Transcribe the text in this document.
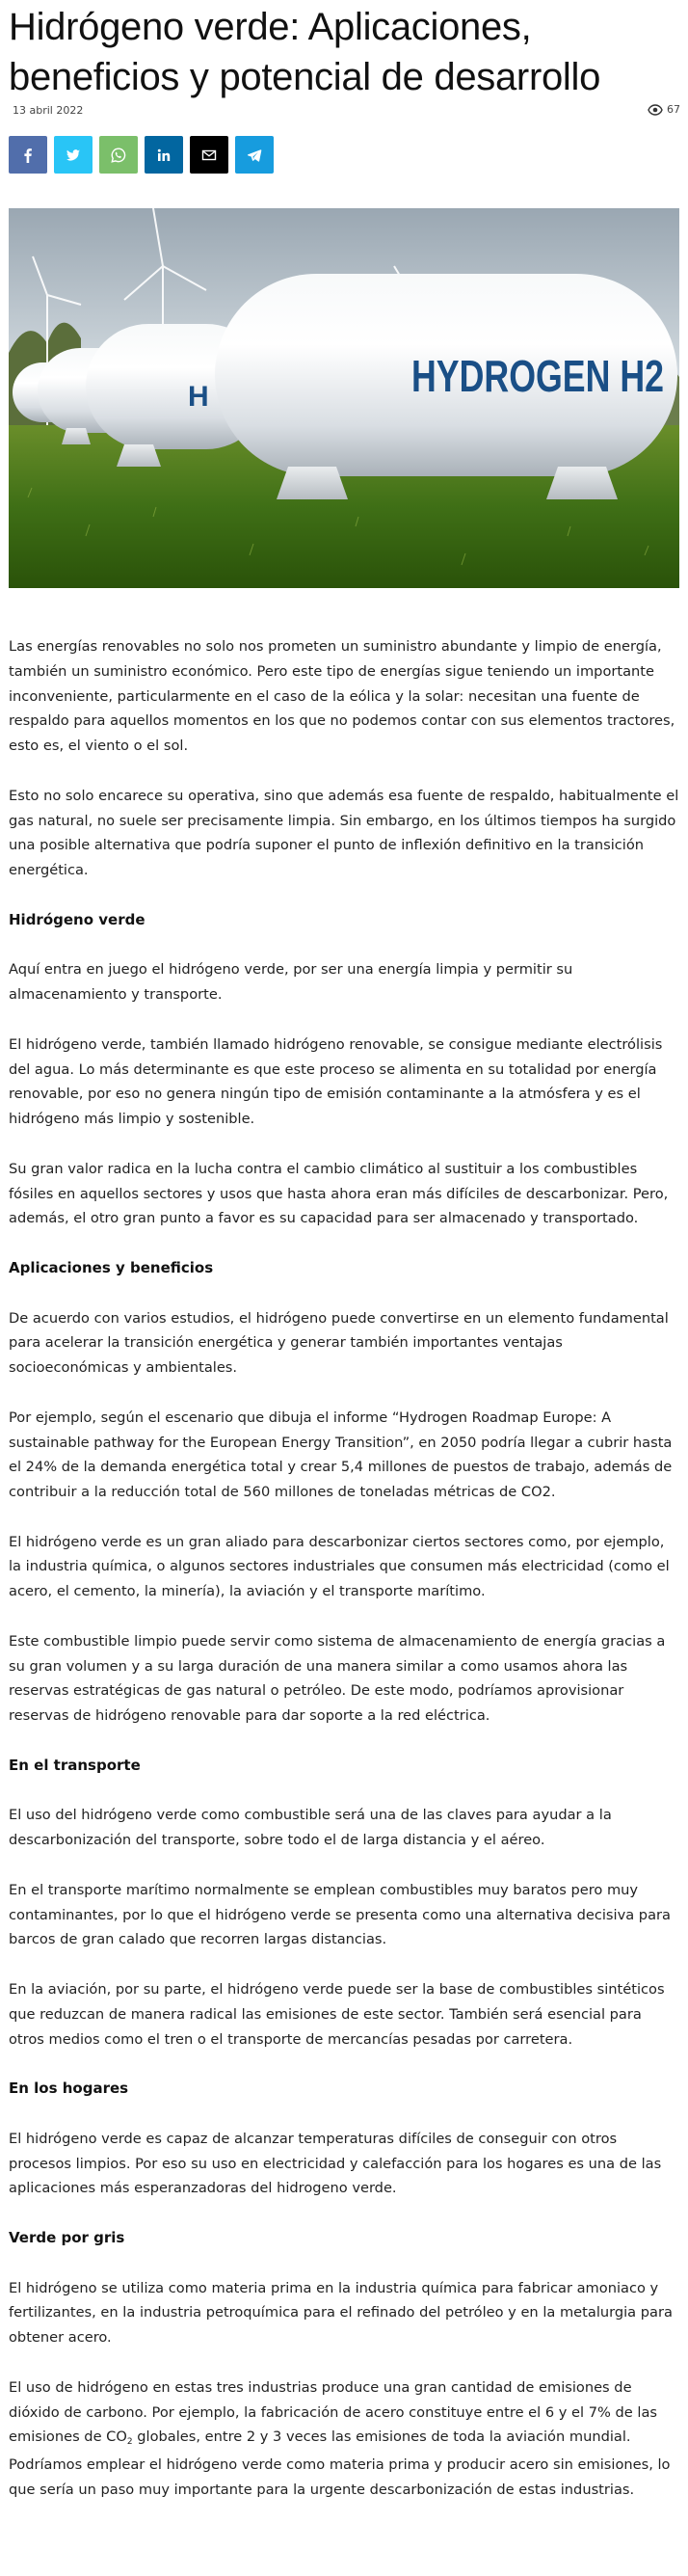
Hidrógeno verde: Aplicaciones, beneficios y potencial de desarrollo
13 abril 2022	67
H	HYDROGEN H2

Las energías renovables no solo nos prometen un suministro abundante y limpio de energía, también un suministro económico. Pero este tipo de energías sigue teniendo un importante inconveniente, particularmente en el caso de la eólica y la solar: necesitan una fuente de respaldo para aquellos momentos en los que no podemos contar con sus elementos tractores, esto es, el viento o el sol.

Esto no solo encarece su operativa, sino que además esa fuente de respaldo, habitualmente el gas natural, no suele ser precisamente limpia. Sin embargo, en los últimos tiempos ha surgido una posible alternativa que podría suponer el punto de inflexión definitivo en la transición energética.

Hidrógeno verde

Aquí entra en juego el hidrógeno verde, por ser una energía limpia y permitir su almacenamiento y transporte.

El hidrógeno verde, también llamado hidrógeno renovable, se consigue mediante electrólisis del agua. Lo más determinante es que este proceso se alimenta en su totalidad por energía renovable, por eso no genera ningún tipo de emisión contaminante a la atmósfera y es el hidrógeno más limpio y sostenible.

Su gran valor radica en la lucha contra el cambio climático al sustituir a los combustibles fósiles en aquellos sectores y usos que hasta ahora eran más difíciles de descarbonizar. Pero, además, el otro gran punto a favor es su capacidad para ser almacenado y transportado.

Aplicaciones y beneficios

De acuerdo con varios estudios, el hidrógeno puede convertirse en un elemento fundamental para acelerar la transición energética y generar también importantes ventajas socioeconómicas y ambientales.

Por ejemplo, según el escenario que dibuja el informe “Hydrogen Roadmap Europe: A sustainable pathway for the European Energy Transition”, en 2050 podría llegar a cubrir hasta el 24% de la demanda energética total y crear 5,4 millones de puestos de trabajo, además de contribuir a la reducción total de 560 millones de toneladas métricas de CO2.

El hidrógeno verde es un gran aliado para descarbonizar ciertos sectores como, por ejemplo, la industria química, o algunos sectores industriales que consumen más electricidad (como el acero, el cemento, la minería), la aviación y el transporte marítimo.

Este combustible limpio puede servir como sistema de almacenamiento de energía gracias a su gran volumen y a su larga duración de una manera similar a como usamos ahora las reservas estratégicas de gas natural o petróleo. De este modo, podríamos aprovisionar reservas de hidrógeno renovable para dar soporte a la red eléctrica.

En el transporte

El uso del hidrógeno verde como combustible será una de las claves para ayudar a la descarbonización del transporte, sobre todo el de larga distancia y el aéreo.

En el transporte marítimo normalmente se emplean combustibles muy baratos pero muy contaminantes, por lo que el hidrógeno verde se presenta como una alternativa decisiva para barcos de gran calado que recorren largas distancias.

En la aviación, por su parte, el hidrógeno verde puede ser la base de combustibles sintéticos que reduzcan de manera radical las emisiones de este sector. También será esencial para otros medios como el tren o el transporte de mercancías pesadas por carretera.

En los hogares

El hidrógeno verde es capaz de alcanzar temperaturas difíciles de conseguir con otros procesos limpios. Por eso su uso en electricidad y calefacción para los hogares es una de las aplicaciones más esperanzadoras del hidrogeno verde.

Verde por gris

El hidrógeno se utiliza como materia prima en la industria química para fabricar amoniaco y fertilizantes, en la industria petroquímica para el refinado del petróleo y en la metalurgia para obtener acero.

El uso de hidrógeno en estas tres industrias produce una gran cantidad de emisiones de dióxido de carbono. Por ejemplo, la fabricación de acero constituye entre el 6 y el 7% de las emisiones de $CO_2$ globales, entre 2 y 3 veces las emisiones de toda la aviación mundial. Podríamos emplear el hidrógeno verde como materia prima y producir acero sin emisiones, lo que sería un paso muy importante para la urgente descarbonización de estas industrias.
